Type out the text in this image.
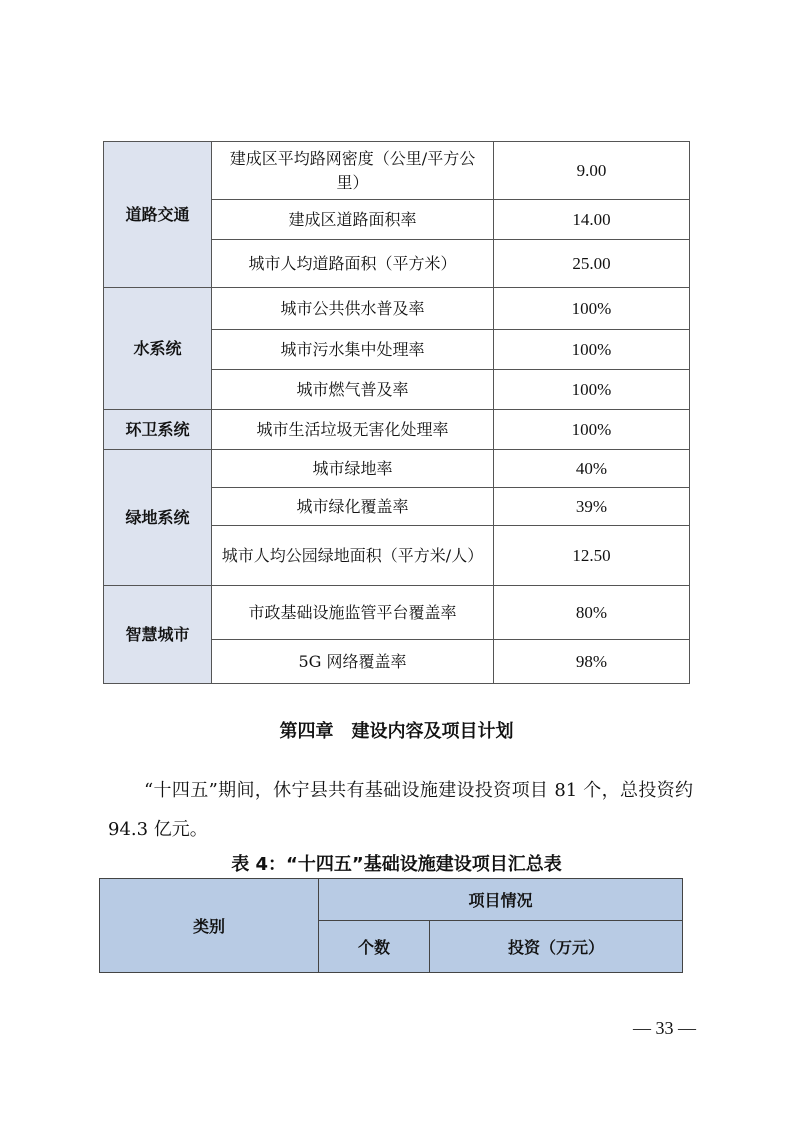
道路交通	建成区平均路网密度（公里/平方公里）	9.00
	建成区道路面积率	14.00
	城市人均道路面积（平方米）	25.00
水系统	城市公共供水普及率	100%
	城市污水集中处理率	100%
	城市燃气普及率	100%
环卫系统	城市生活垃圾无害化处理率	100%
绿地系统	城市绿地率	40%
	城市绿化覆盖率	39%
	城市人均公园绿地面积（平方米/人）	12.50
智慧城市	市政基础设施监管平台覆盖率	80%
	5G 网络覆盖率	98%
第四章　建设内容及项目计划
“十四五”期间，休宁县共有基础设施建设投资项目 81 个，总投资约 94.3 亿元。
表 4：“十四五”基础设施建设项目汇总表
类别	项目情况	
	个数	投资（万元）
— 33 —
